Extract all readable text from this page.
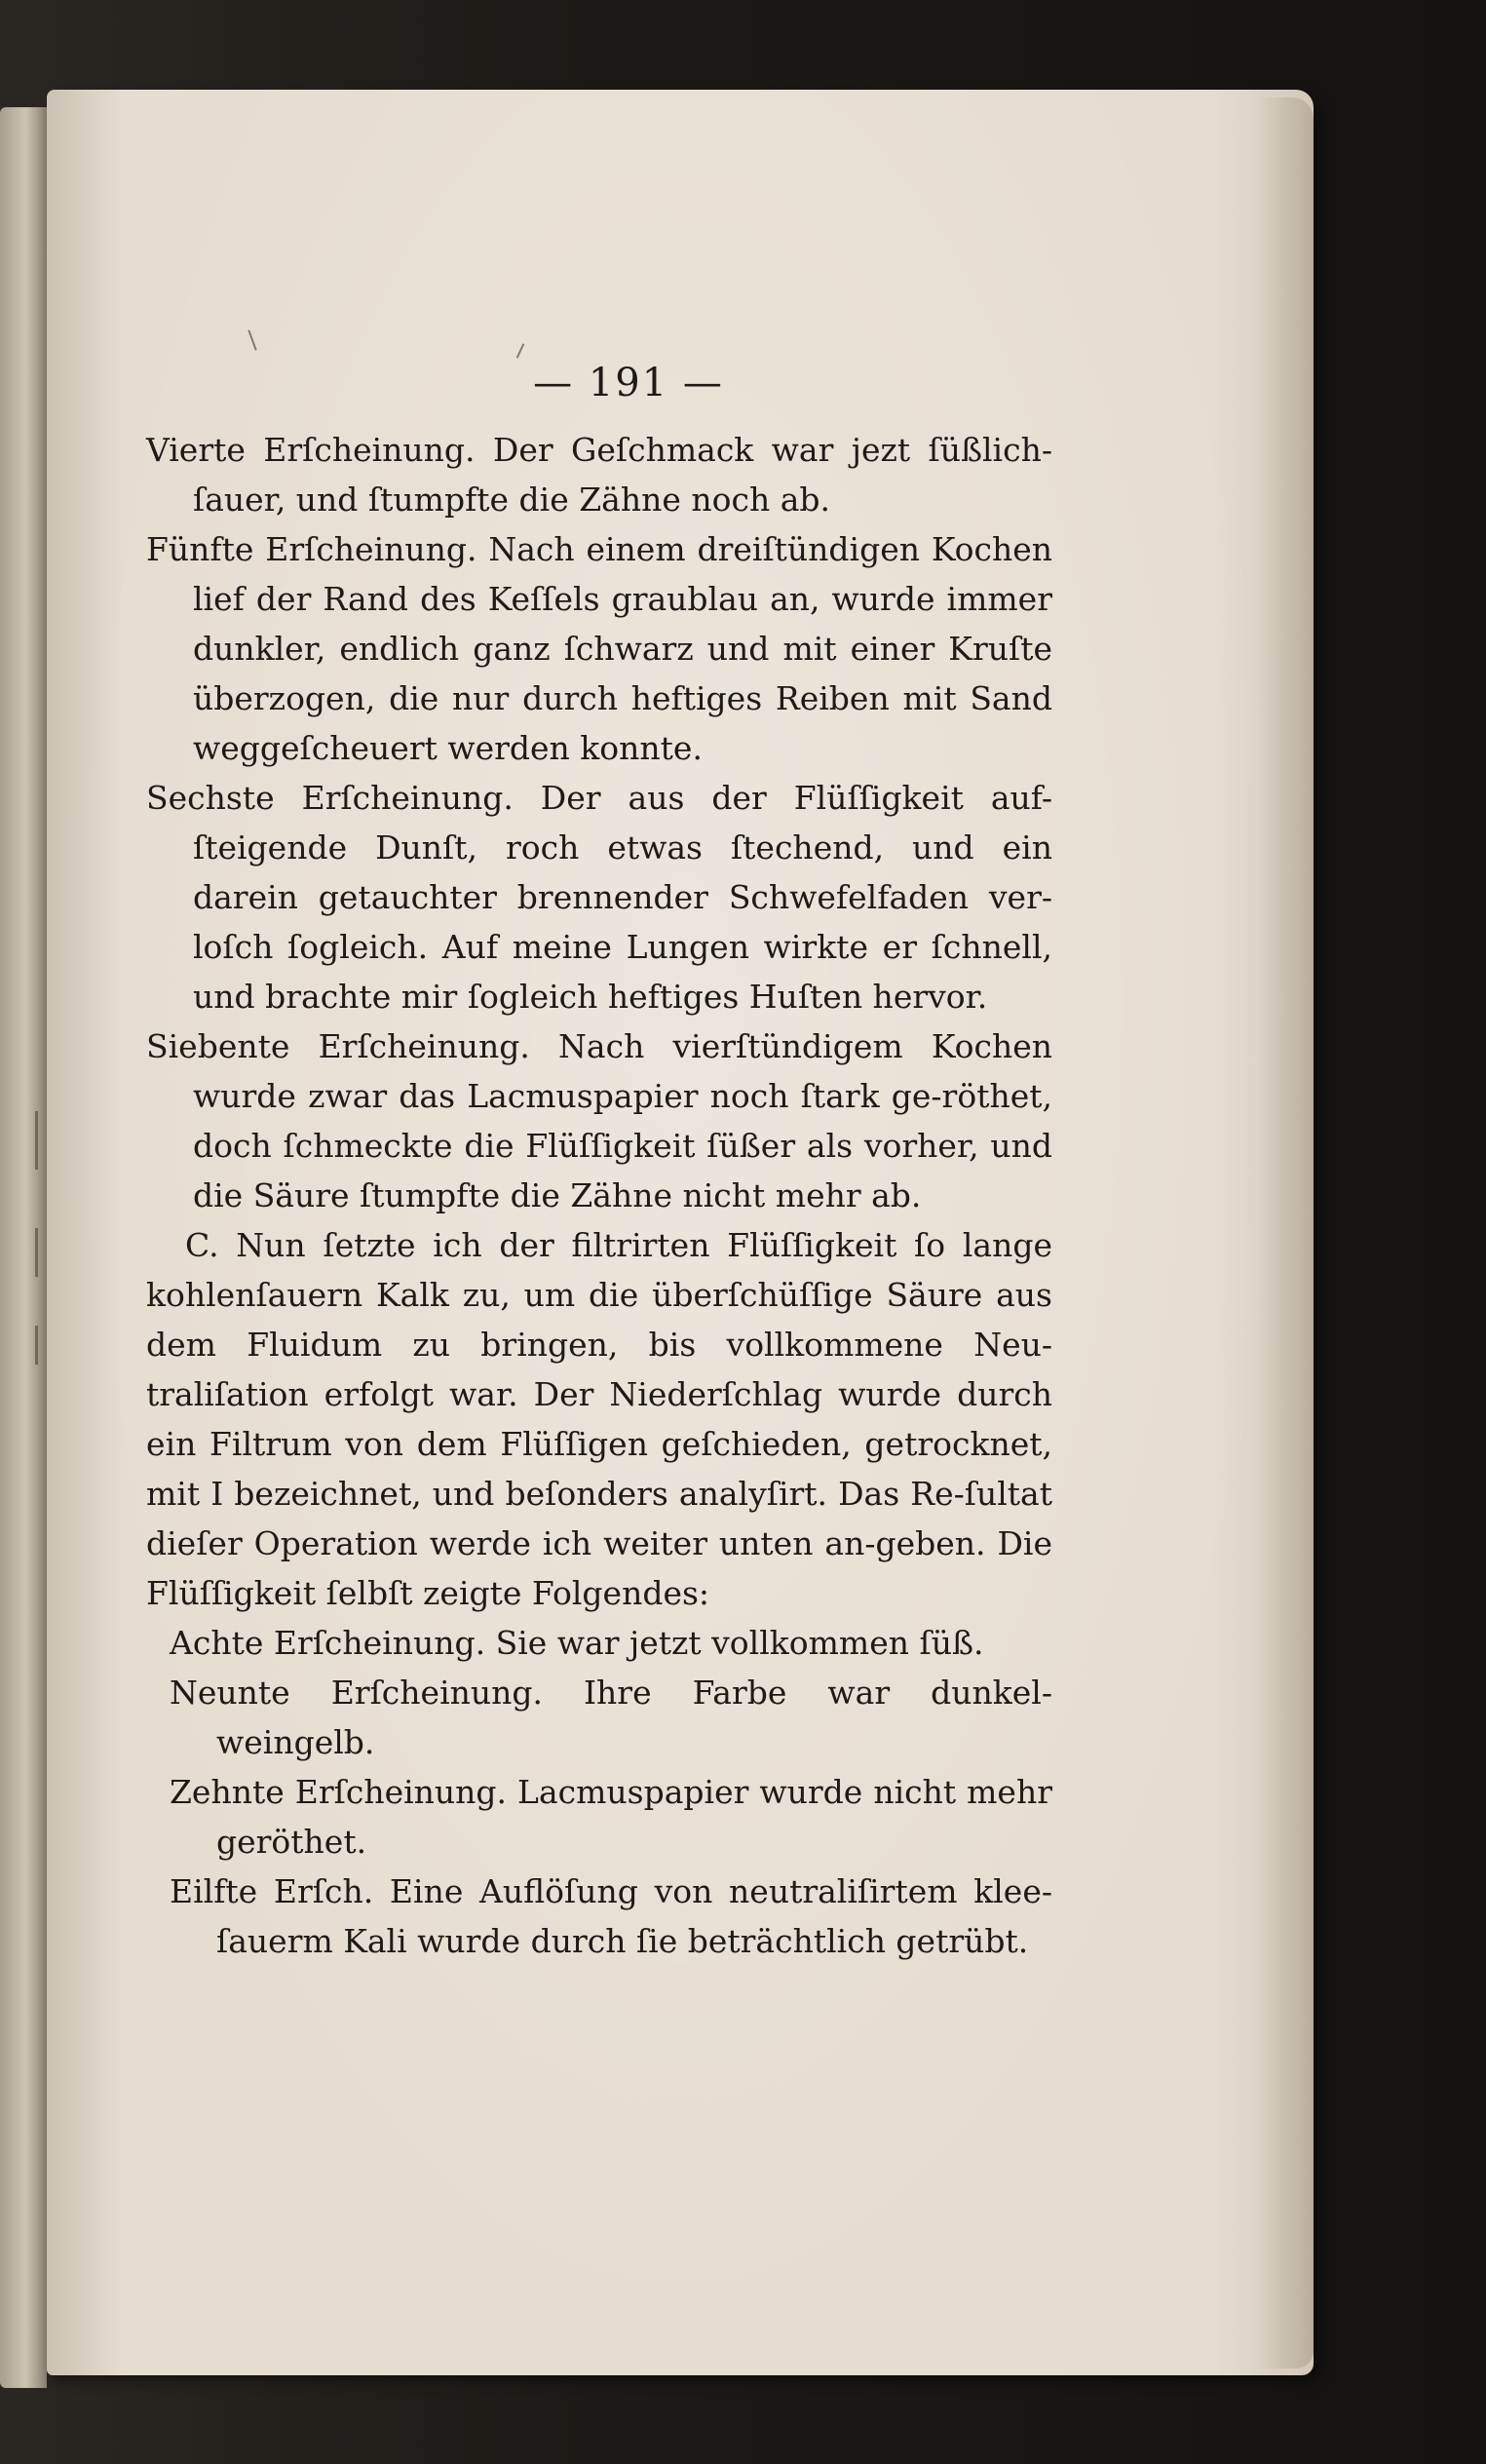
— 191 —

Vierte Erſcheinung. Der Geſchmack war jezt ſüßlich-ſauer, und ſtumpfte die Zähne noch ab.

Fünfte Erſcheinung. Nach einem dreiſtündigen Kochen lief der Rand des Keſſels graublau an, wurde immer dunkler, endlich ganz ſchwarz und mit einer Kruſte überzogen, die nur durch heftiges Reiben mit Sand weggeſcheuert werden konnte.

Sechste Erſcheinung. Der aus der Flüſſigkeit auf-ſteigende Dunſt, roch etwas ſtechend, und ein darein getauchter brennender Schwefelfaden ver-loſch ſogleich. Auf meine Lungen wirkte er ſchnell, und brachte mir ſogleich heftiges Huſten hervor.

Siebente Erſcheinung. Nach vierſtündigem Kochen wurde zwar das Lacmuspapier noch ſtark ge-röthet, doch ſchmeckte die Flüſſigkeit ſüßer als vorher, und die Säure ſtumpfte die Zähne nicht mehr ab.

C. Nun ſetzte ich der filtrirten Flüſſigkeit ſo lange kohlenſauern Kalk zu, um die überſchüſſige Säure aus dem Fluidum zu bringen, bis vollkommene Neu-traliſation erfolgt war. Der Niederſchlag wurde durch ein Filtrum von dem Flüſſigen geſchieden, getrocknet, mit I bezeichnet, und beſonders analyſirt. Das Re-ſultat dieſer Operation werde ich weiter unten an-geben. Die Flüſſigkeit ſelbſt zeigte Folgendes:

Achte Erſcheinung. Sie war jetzt vollkommen ſüß.

Neunte Erſcheinung. Ihre Farbe war dunkel-weingelb.

Zehnte Erſcheinung. Lacmuspapier wurde nicht mehr geröthet.

Eilfte Erſch. Eine Auflöſung von neutraliſirtem klee-ſauerm Kali wurde durch ſie beträchtlich getrübt.
